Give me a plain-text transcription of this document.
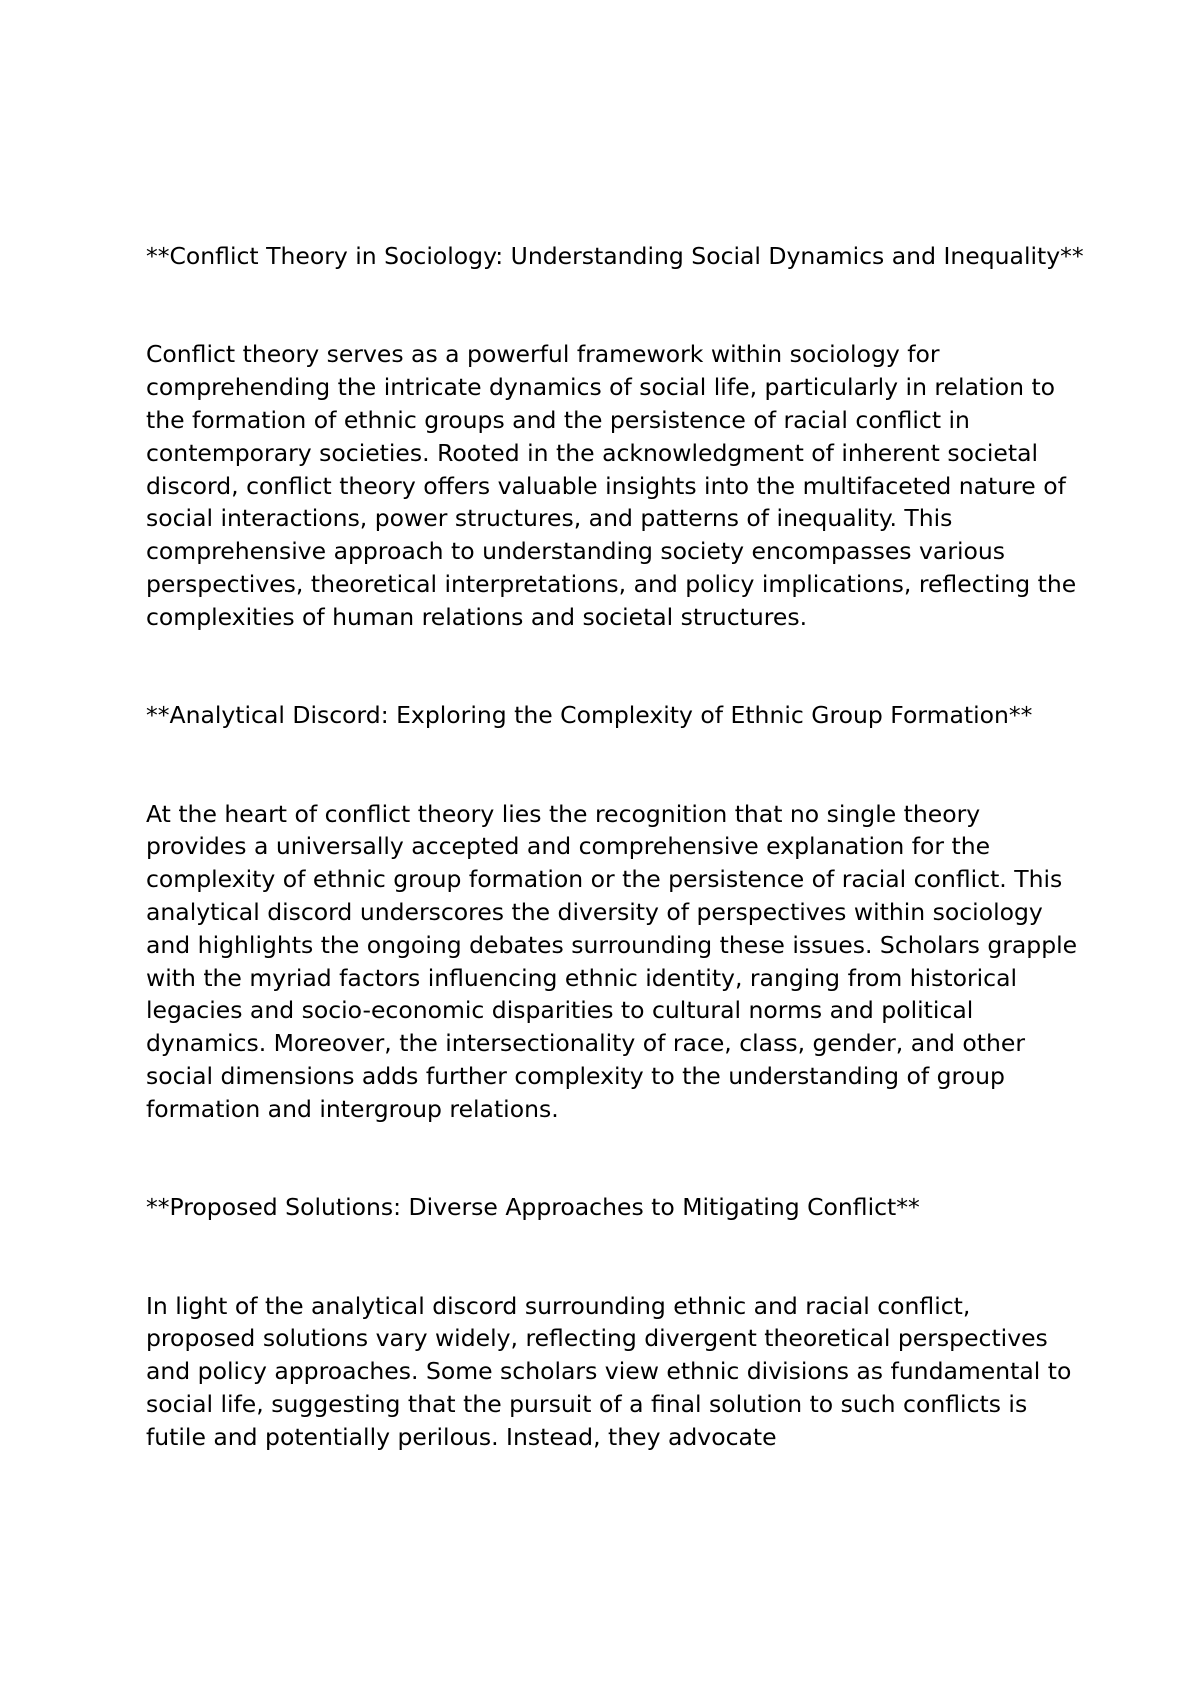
**Conflict Theory in Sociology: Understanding Social Dynamics and Inequality**

Conflict theory serves as a powerful framework within sociology for comprehending the intricate dynamics of social life, particularly in relation to the formation of ethnic groups and the persistence of racial conflict in contemporary societies. Rooted in the acknowledgment of inherent societal discord, conflict theory offers valuable insights into the multifaceted nature of social interactions, power structures, and patterns of inequality. This comprehensive approach to understanding society encompasses various perspectives, theoretical interpretations, and policy implications, reflecting the complexities of human relations and societal structures.

**Analytical Discord: Exploring the Complexity of Ethnic Group Formation**

At the heart of conflict theory lies the recognition that no single theory provides a universally accepted and comprehensive explanation for the complexity of ethnic group formation or the persistence of racial conflict. This analytical discord underscores the diversity of perspectives within sociology and highlights the ongoing debates surrounding these issues. Scholars grapple with the myriad factors influencing ethnic identity, ranging from historical legacies and socio-economic disparities to cultural norms and political dynamics. Moreover, the intersectionality of race, class, gender, and other social dimensions adds further complexity to the understanding of group formation and intergroup relations.

**Proposed Solutions: Diverse Approaches to Mitigating Conflict**

In light of the analytical discord surrounding ethnic and racial conflict, proposed solutions vary widely, reflecting divergent theoretical perspectives and policy approaches. Some scholars view ethnic divisions as fundamental to social life, suggesting that the pursuit of a final solution to such conflicts is futile and potentially perilous. Instead, they advocate
